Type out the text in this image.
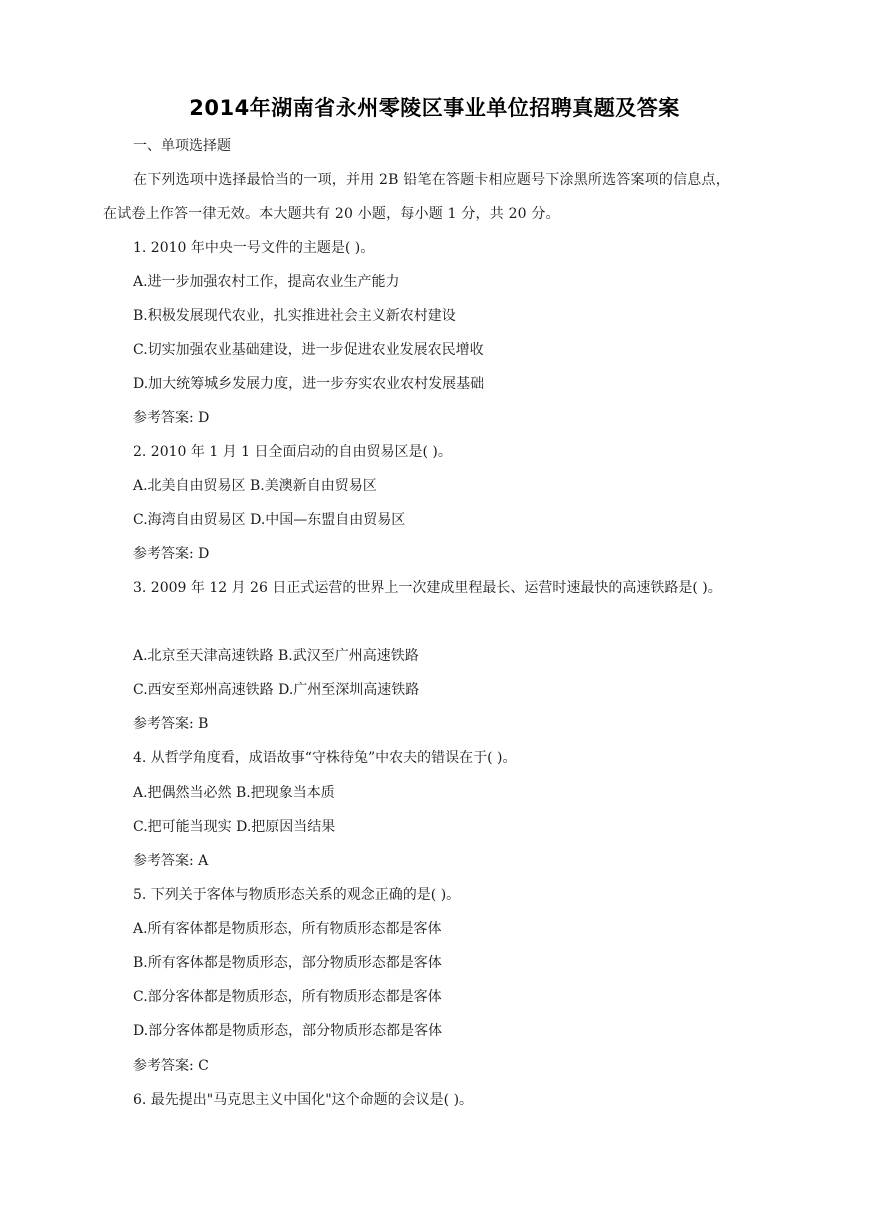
2014年湖南省永州零陵区事业单位招聘真题及答案
一、单项选择题
在下列选项中选择最恰当的一项，并用 2B 铅笔在答题卡相应题号下涂黑所选答案项的信息点，
在试卷上作答一律无效。本大题共有 20 小题，每小题 1 分，共 20 分。
1. 2010 年中央一号文件的主题是( )。
A.进一步加强农村工作，提高农业生产能力
B.积极发展现代农业，扎实推进社会主义新农村建设
C.切实加强农业基础建设，进一步促进农业发展农民增收
D.加大统筹城乡发展力度，进一步夯实农业农村发展基础
参考答案: D
2. 2010 年 1 月 1 日全面启动的自由贸易区是( )。
A.北美自由贸易区 B.美澳新自由贸易区
C.海湾自由贸易区 D.中国—东盟自由贸易区
参考答案: D
3. 2009 年 12 月 26 日正式运营的世界上一次建成里程最长、运营时速最快的高速铁路是( )。
A.北京至天津高速铁路 B.武汉至广州高速铁路
C.西安至郑州高速铁路 D.广州至深圳高速铁路
参考答案: B
4. 从哲学角度看，成语故事“守株待兔”中农夫的错误在于( )。
A.把偶然当必然 B.把现象当本质
C.把可能当现实 D.把原因当结果
参考答案: A
5. 下列关于客体与物质形态关系的观念正确的是( )。
A.所有客体都是物质形态，所有物质形态都是客体
B.所有客体都是物质形态，部分物质形态都是客体
C.部分客体都是物质形态，所有物质形态都是客体
D.部分客体都是物质形态，部分物质形态都是客体
参考答案: C
6. 最先提出"马克思主义中国化"这个命题的会议是( )。
